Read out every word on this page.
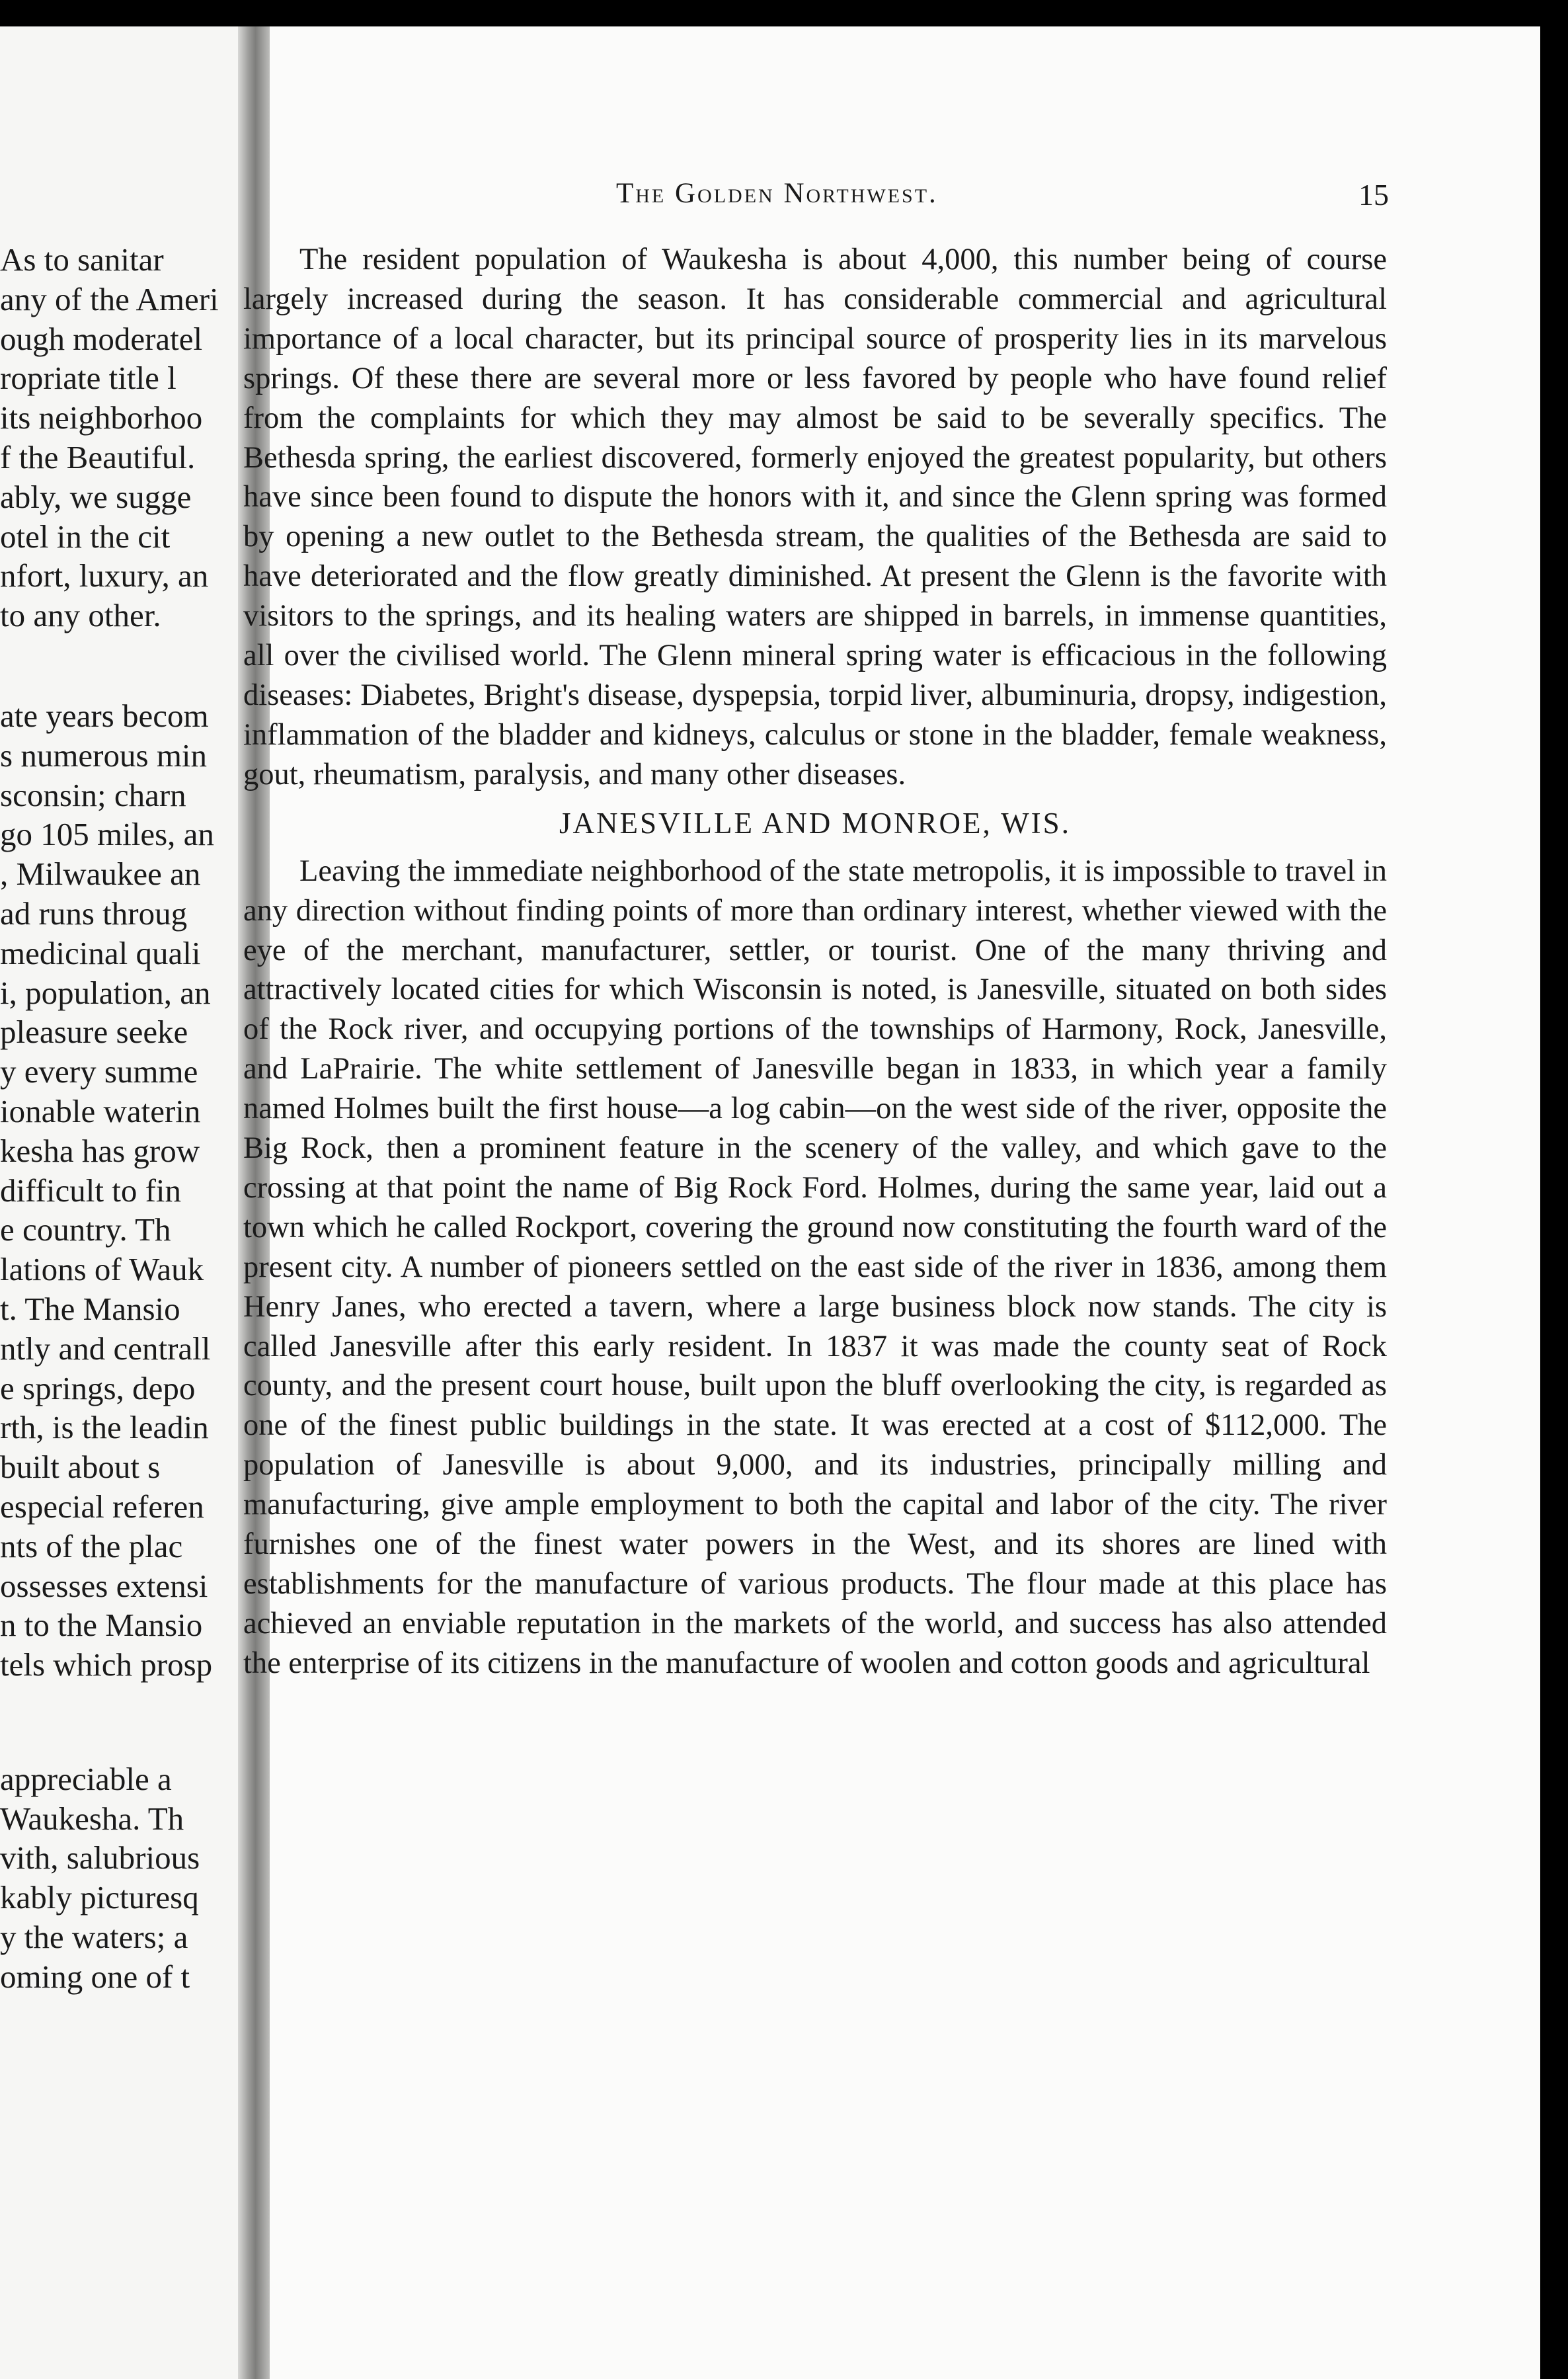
As to sanitar
any of the Ameri
ough moderatel
ropriate title l
its neighborhoo
f the Beautiful.
ably, we sugge
otel in the cit
nfort, luxury, an
to any other.
ate years becom
s numerous min
sconsin; charn
go 105 miles, an
, Milwaukee an
ad runs throug
medicinal quali
i, population, an
pleasure seeke
y every summe
ionable waterin
kesha has grow
difficult to fin
e country. Th
lations of Wauk
t. The Mansio
ntly and centrall
e springs, depo
rth, is the leadin
built about s
especial referen
nts of the plac
ossesses extensi
n to the Mansio
tels which prosp
appreciable a
Waukesha. Th
vith, salubrious
kably picturesq
y the waters; a
oming one of t
The Golden Northwest.	15

The resident population of Waukesha is about 4,000, this number being of course largely increased during the season. It has considerable commercial and agricultural importance of a local character, but its principal source of prosperity lies in its marvelous springs. Of these there are several more or less favored by people who have found relief from the complaints for which they may almost be said to be severally specifics. The Bethesda spring, the earliest discovered, formerly enjoyed the greatest popularity, but others have since been found to dispute the honors with it, and since the Glenn spring was formed by opening a new outlet to the Bethesda stream, the qualities of the Bethesda are said to have deteriorated and the flow greatly diminished. At present the Glenn is the favorite with visitors to the springs, and its healing waters are shipped in barrels, in immense quantities, all over the civilised world. The Glenn mineral spring water is efficacious in the following diseases: Diabetes, Bright's disease, dyspepsia, torpid liver, albuminuria, dropsy, indigestion, inflammation of the bladder and kidneys, calculus or stone in the bladder, female weakness, gout, rheumatism, paralysis, and many other diseases.

JANESVILLE AND MONROE, WIS.

Leaving the immediate neighborhood of the state metropolis, it is impossible to travel in any direction without finding points of more than ordinary interest, whether viewed with the eye of the merchant, manufacturer, settler, or tourist. One of the many thriving and attractively located cities for which Wisconsin is noted, is Janesville, situated on both sides of the Rock river, and occupying portions of the townships of Harmony, Rock, Janesville, and LaPrairie. The white settlement of Janesville began in 1833, in which year a family named Holmes built the first house—a log cabin—on the west side of the river, opposite the Big Rock, then a prominent feature in the scenery of the valley, and which gave to the crossing at that point the name of Big Rock Ford. Holmes, during the same year, laid out a town which he called Rockport, covering the ground now constituting the fourth ward of the present city. A number of pioneers settled on the east side of the river in 1836, among them Henry Janes, who erected a tavern, where a large business block now stands. The city is called Janesville after this early resident. In 1837 it was made the county seat of Rock county, and the present court house, built upon the bluff overlooking the city, is regarded as one of the finest public buildings in the state. It was erected at a cost of $112,000. The population of Janesville is about 9,000, and its industries, principally milling and manufacturing, give ample employment to both the capital and labor of the city. The river furnishes one of the finest water powers in the West, and its shores are lined with establishments for the manufacture of various products. The flour made at this place has achieved an enviable reputation in the markets of the world, and success has also attended the enterprise of its citizens in the manufacture of woolen and cotton goods and agricultural
